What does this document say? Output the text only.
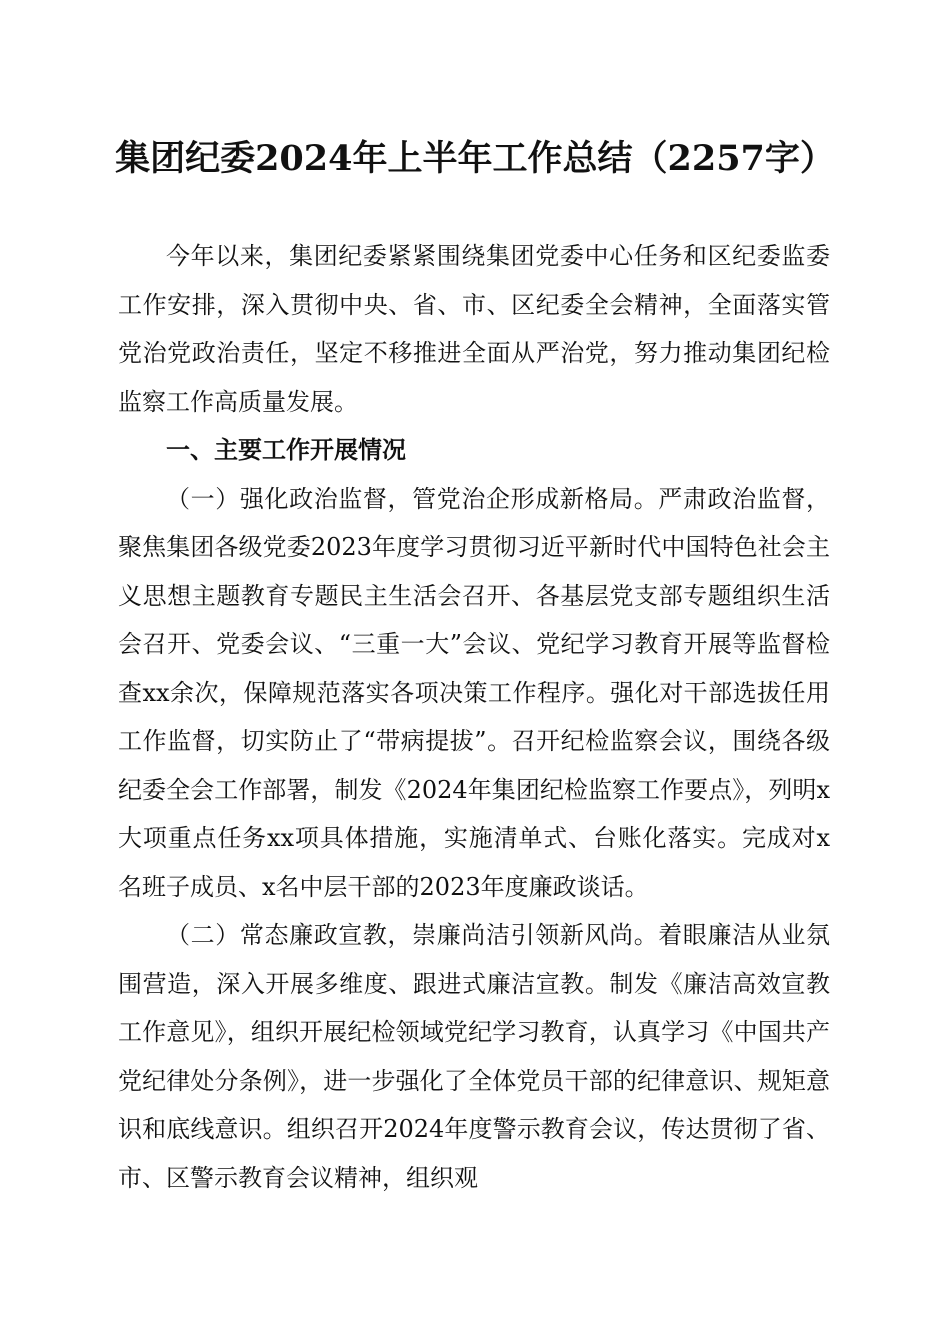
集团纪委2024年上半年工作总结（2257字）

今年以来，集团纪委紧紧围绕集团党委中心任务和区纪委监委工作安排，深入贯彻中央、省、市、区纪委全会精神，全面落实管党治党政治责任，坚定不移推进全面从严治党，努力推动集团纪检监察工作高质量发展。

一、主要工作开展情况

（一）强化政治监督，管党治企形成新格局。严肃政治监督，聚焦集团各级党委2023年度学习贯彻习近平新时代中国特色社会主义思想主题教育专题民主生活会召开、各基层党支部专题组织生活会召开、党委会议、“三重一大”会议、党纪学习教育开展等监督检查xx余次，保障规范落实各项决策工作程序。强化对干部选拔任用工作监督，切实防止了“带病提拔”。召开纪检监察会议，围绕各级纪委全会工作部署，制发《2024年集团纪检监察工作要点》，列明x大项重点任务xx项具体措施，实施清单式、台账化落实。完成对x名班子成员、x名中层干部的2023年度廉政谈话。

（二）常态廉政宣教，崇廉尚洁引领新风尚。着眼廉洁从业氛围营造，深入开展多维度、跟进式廉洁宣教。制发《廉洁高效宣教工作意见》，组织开展纪检领域党纪学习教育，认真学习《中国共产党纪律处分条例》，进一步强化了全体党员干部的纪律意识、规矩意识和底线意识。组织召开2024年度警示教育会议，传达贯彻了省、市、区警示教育会议精神，组织观
